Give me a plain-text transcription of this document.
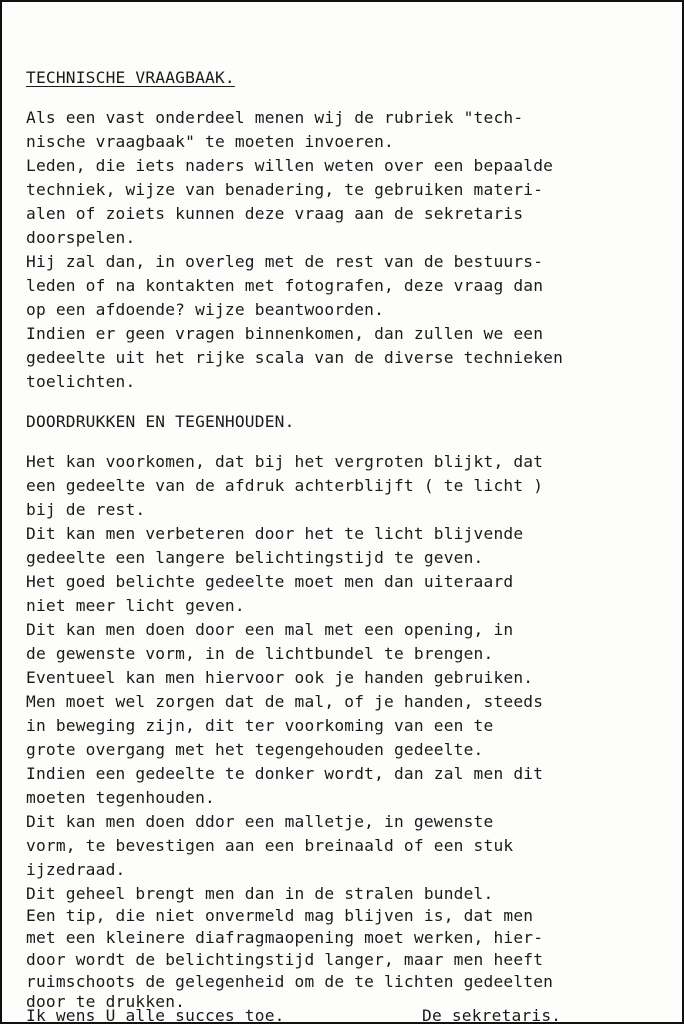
TECHNISCHE VRAAGBAAK.
Als een vast onderdeel menen wij de rubriek "tech-
nische vraagbaak" te moeten invoeren.
Leden, die iets naders willen weten over een bepaalde
techniek, wijze van benadering, te gebruiken materi-
alen of zoiets kunnen deze vraag aan de sekretaris
doorspelen.
Hij zal dan, in overleg met de rest van de bestuurs-
leden of na kontakten met fotografen, deze vraag dan
op een afdoende? wijze beantwoorden.
Indien er geen vragen binnenkomen, dan zullen we een
gedeelte uit het rijke scala van de diverse technieken
toelichten.
DOORDRUKKEN EN TEGENHOUDEN.
Het kan voorkomen, dat bij het vergroten blijkt, dat
een gedeelte van de afdruk achterblijft ( te licht )
bij de rest.
Dit kan men verbeteren door het te licht blijvende
gedeelte een langere belichtingstijd te geven.
Het goed belichte gedeelte moet men dan uiteraard
niet meer licht geven.
Dit kan men doen door een mal met een opening, in
de gewenste vorm, in de lichtbundel te brengen.
Eventueel kan men hiervoor ook je handen gebruiken.
Men moet wel zorgen dat de mal, of je handen, steeds
in beweging zijn, dit ter voorkoming van een te
grote overgang met het tegengehouden gedeelte.
Indien een gedeelte te donker wordt, dan zal men dit
moeten tegenhouden.
Dit kan men doen ddor een malletje, in gewenste
vorm, te bevestigen aan een breinaald of een stuk
ijzedraad.
Dit geheel brengt men dan in de stralen bundel.
Een tip, die niet onvermeld mag blijven is, dat men
met een kleinere diafragmaopening moet werken, hier-
door wordt de belichtingstijd langer, maar men heeft
ruimschoots de gelegenheid om de te lichten gedeelten
door te drukken.
Ik wens U alle succes toe.	De sekretaris.
